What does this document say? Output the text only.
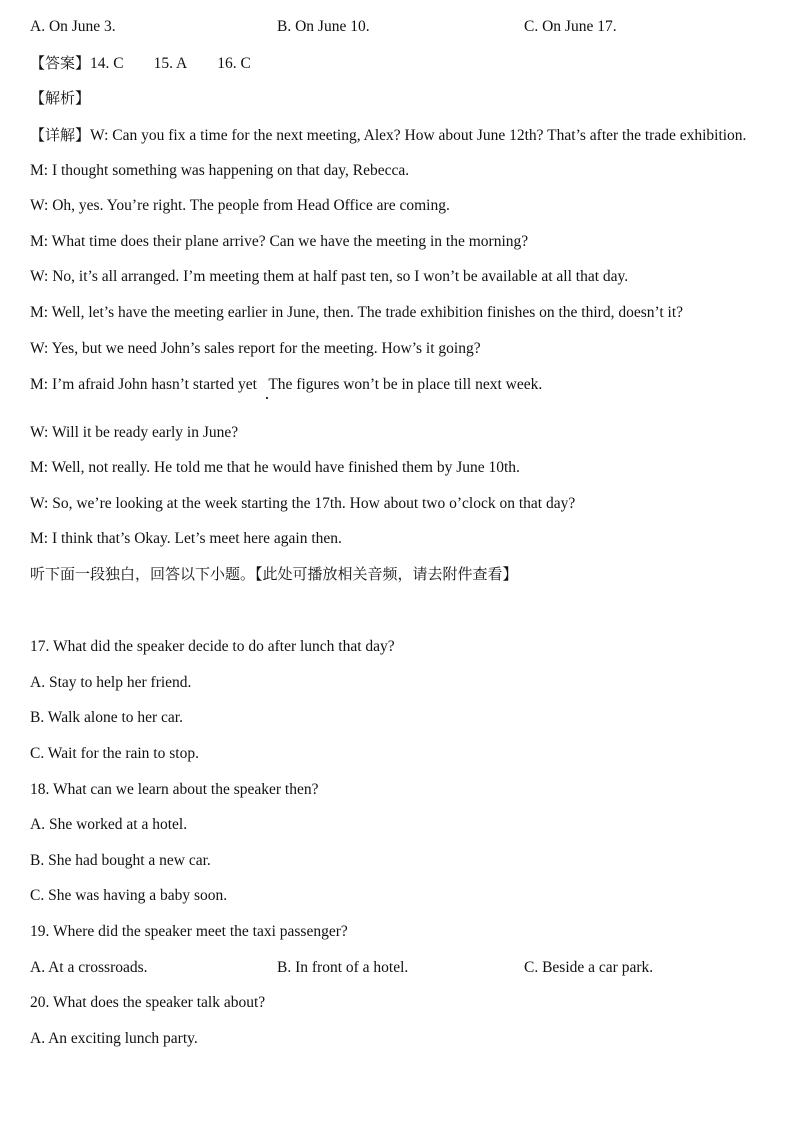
A. On June 3.	B. On June 10.	C. On June 17.
【答案】14. C 15. A 16. C
【解析】
【详解】W: Can you fix a time for the next meeting, Alex? How about June 12th? That’s after the trade exhibition.
M: I thought something was happening on that day, Rebecca.
W: Oh, yes. You’re right. The people from Head Office are coming.
M: What time does their plane arrive? Can we have the meeting in the morning?
W: No, it’s all arranged. I’m meeting them at half past ten, so I won’t be available at all that day.
M: Well, let’s have the meeting earlier in June, then. The trade exhibition finishes on the third, doesn’t it?
W: Yes, but we need John’s sales report for the meeting. How’s it going?
M: I’m afraid John hasn’t started yet   The figures won’t be in place till next week.
W: Will it be ready early in June?
M: Well, not really. He told me that he would have finished them by June 10th.
W: So, we’re looking at the week starting the 17th. How about two o’clock on that day?
M: I think that’s Okay. Let’s meet here again then.
听下面一段独白，回答以下小题。【此处可播放相关音频，请去附件查看】
17. What did the speaker decide to do after lunch that day?
A. Stay to help her friend.
B. Walk alone to her car.
C. Wait for the rain to stop.
18. What can we learn about the speaker then?
A. She worked at a hotel.
B. She had bought a new car.
C. She was having a baby soon.
19. Where did the speaker meet the taxi passenger?
A. At a crossroads.	B. In front of a hotel.	C. Beside a car park.
20. What does the speaker talk about?
A. An exciting lunch party.
